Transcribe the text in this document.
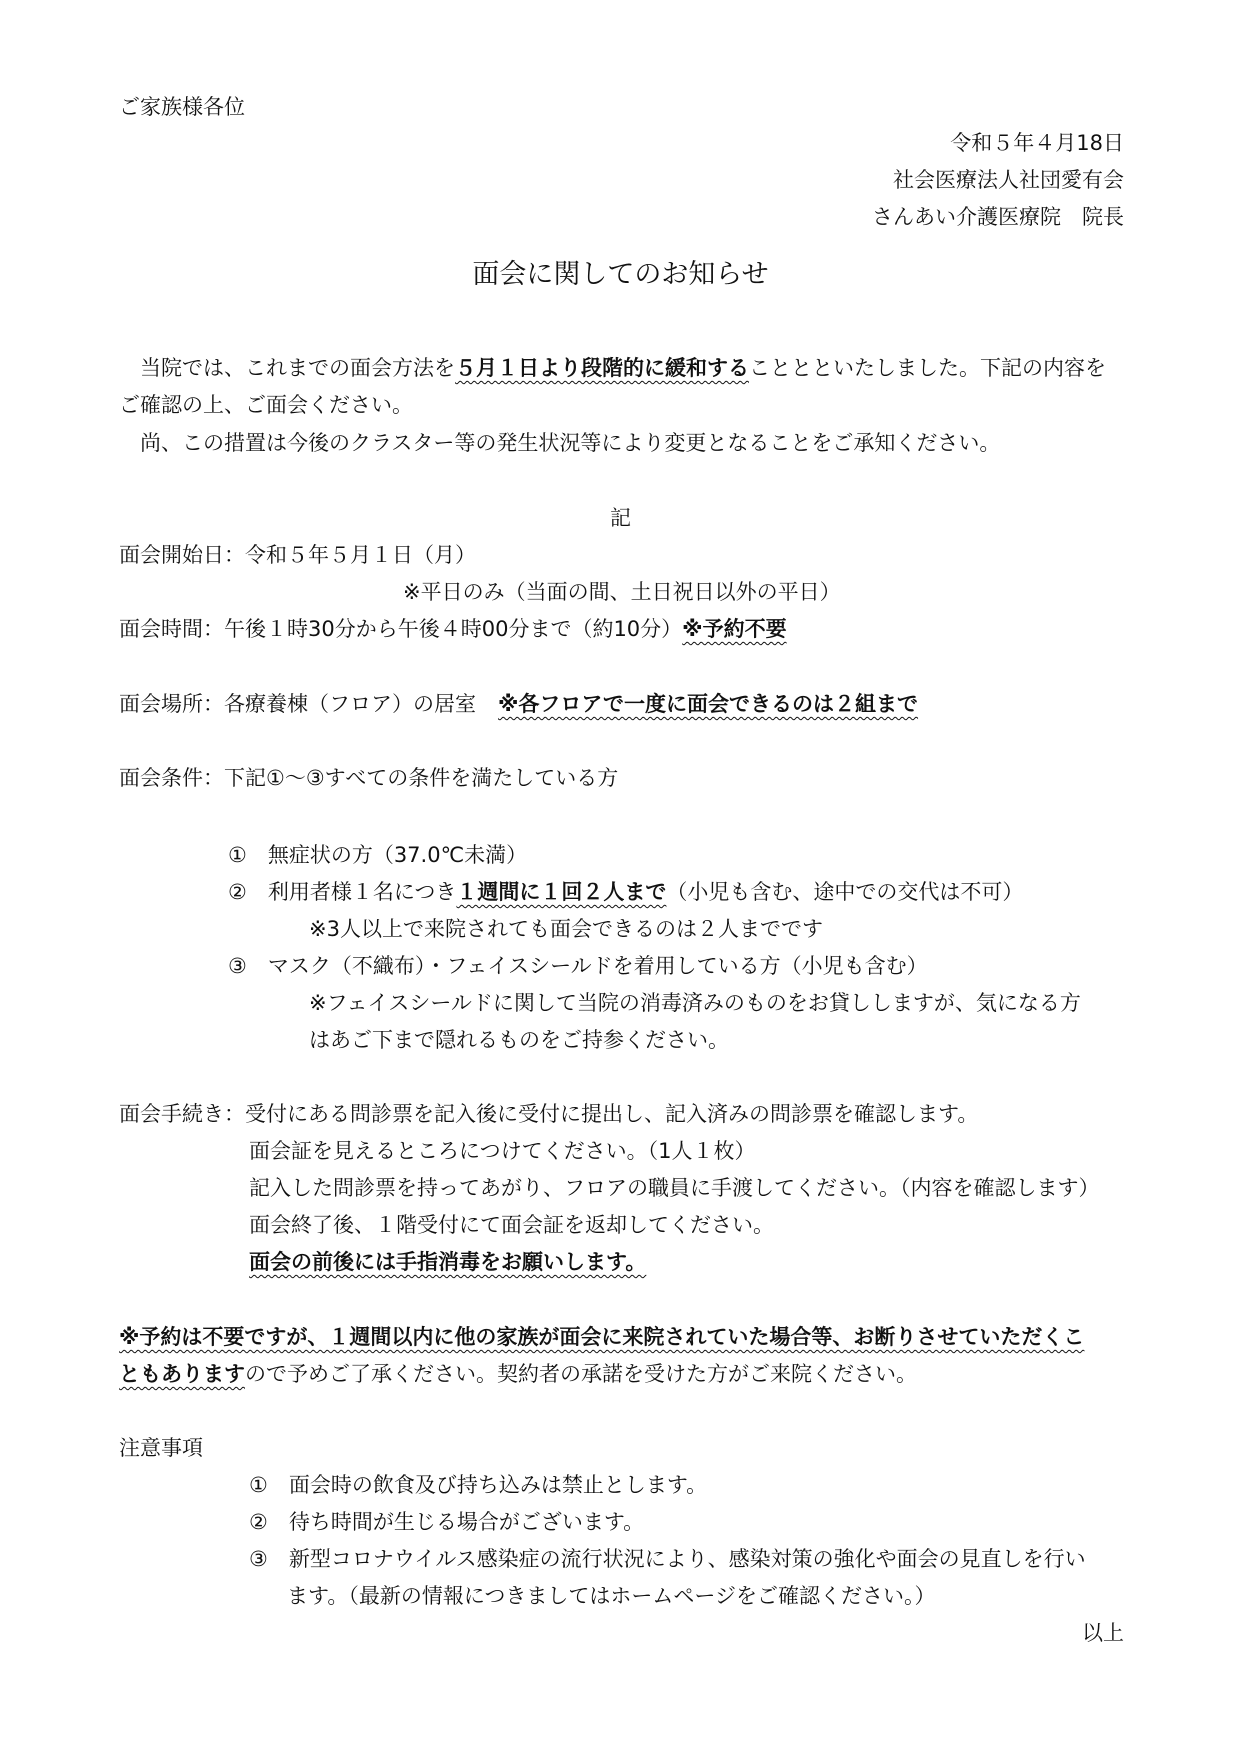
ご家族様各位
令和５年４月18日
社会医療法人社団愛有会
さんあい介護医療院　院長
面会に関してのお知らせ
当院では、これまでの面会方法を５月１日より段階的に緩和することとといたしました。下記の内容を
ご確認の上、ご面会ください。
尚、この措置は今後のクラスター等の発生状況等により変更となることをご承知ください。
記
面会開始日：令和５年５月１日（月）
※平日のみ（当面の間、土日祝日以外の平日）
面会時間：午後１時30分から午後４時00分まで（約10分）※予約不要
面会場所：各療養棟（フロア）の居室 ※各フロアで一度に面会できるのは２組まで
面会条件：下記①～③すべての条件を満たしている方
①　無症状の方（37.0℃未満）
②　利用者様１名につき１週間に１回２人まで（小児も含む、途中での交代は不可）
※3人以上で来院されても面会できるのは２人までです
③　マスク（不織布）・フェイスシールドを着用している方（小児も含む）
※フェイスシールドに関して当院の消毒済みのものをお貸ししますが、気になる方
はあご下まで隠れるものをご持参ください。
面会手続き：受付にある問診票を記入後に受付に提出し、記入済みの問診票を確認します。
面会証を見えるところにつけてください。（1人１枚）
記入した問診票を持ってあがり、フロアの職員に手渡してください。（内容を確認します）
面会終了後、１階受付にて面会証を返却してください。
面会の前後には手指消毒をお願いします。
※予約は不要ですが、１週間以内に他の家族が面会に来院されていた場合等、お断りさせていただくこ
ともありますので予めご了承ください。契約者の承諾を受けた方がご来院ください。
注意事項
①　面会時の飲食及び持ち込みは禁止とします。
②　待ち時間が生じる場合がございます。
③　新型コロナウイルス感染症の流行状況により、感染対策の強化や面会の見直しを行い
ます。（最新の情報につきましてはホームページをご確認ください。）
以上
